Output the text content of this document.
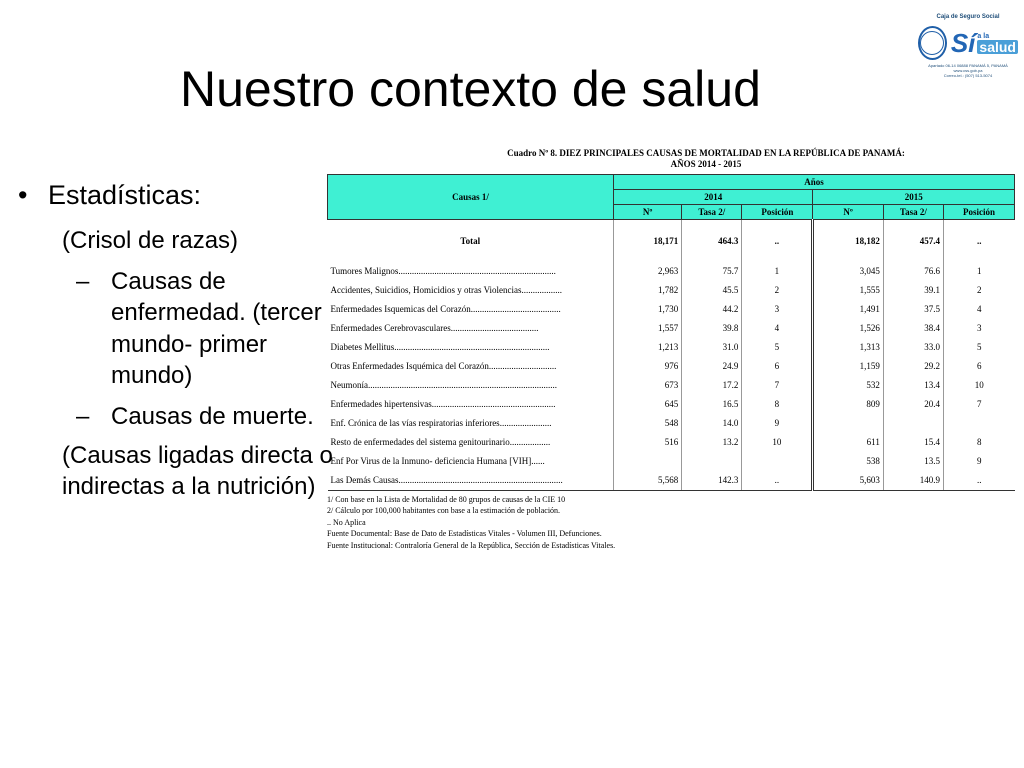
Caja de Seguro Social
Sí a la
salud
Apartado 06-14 06888 PANAMÁ 5, PANAMÁ
www.css.gob.pa
Correo-tel.: (507) 513-5074
Nuestro contexto de salud
• Estadísticas:
(Crisol de razas)
– Causas de enfermedad. (tercer mundo- primer mundo)
– Causas de muerte.
(Causas ligadas directa o indirectas a la nutrición)
Cuadro Nº 8. DIEZ PRINCIPALES CAUSAS DE MORTALIDAD EN LA REPÚBLICA DE PANAMÁ:
AÑOS 2014 - 2015
Causas 1/	Años					
	2014			2015		
	Nº	Tasa 2/	Posición	Nº	Tasa 2/	Posición
Total	18,171	464.3	..	18,182	457.4	..
Tumores Malignos......................................................................	2,963	75.7	1	3,045	76.6	1
Accidentes, Suicidios, Homicidios y otras Violencias..................	1,782	45.5	2	1,555	39.1	2
Enfermedades Isquemicas del Corazón........................................	1,730	44.2	3	1,491	37.5	4
Enfermedades Cerebrovasculares.......................................	1,557	39.8	4	1,526	38.4	3
Diabetes Mellitus.....................................................................	1,213	31.0	5	1,313	33.0	5
Otras Enfermedades Isquémica del Corazón..............................	976	24.9	6	1,159	29.2	6
Neumonía....................................................................................	673	17.2	7	532	13.4	10
Enfermedades hipertensivas.......................................................	645	16.5	8	809	20.4	7
Enf. Crónica de las vías respiratorias inferiores.......................	548	14.0	9			
Resto de enfermedades del sistema genitourinario..................	516	13.2	10	611	15.4	8
Enf Por Virus de la Inmuno- deficiencia Humana [VIH]......				538	13.5	9
Las Demás Causas.........................................................................	5,568	142.3	..	5,603	140.9	..
1/ Con base en la Lista de Mortalidad de 80 grupos de causas de la CIE 10
2/ Cálculo por 100,000 habitantes con base a la estimación de población.
.. No Aplica
Fuente Documental: Base de Dato de Estadísticas Vitales - Volumen III, Defunciones.
Fuente Institucional: Contraloría General de la República, Sección de Estadísticas Vitales.
